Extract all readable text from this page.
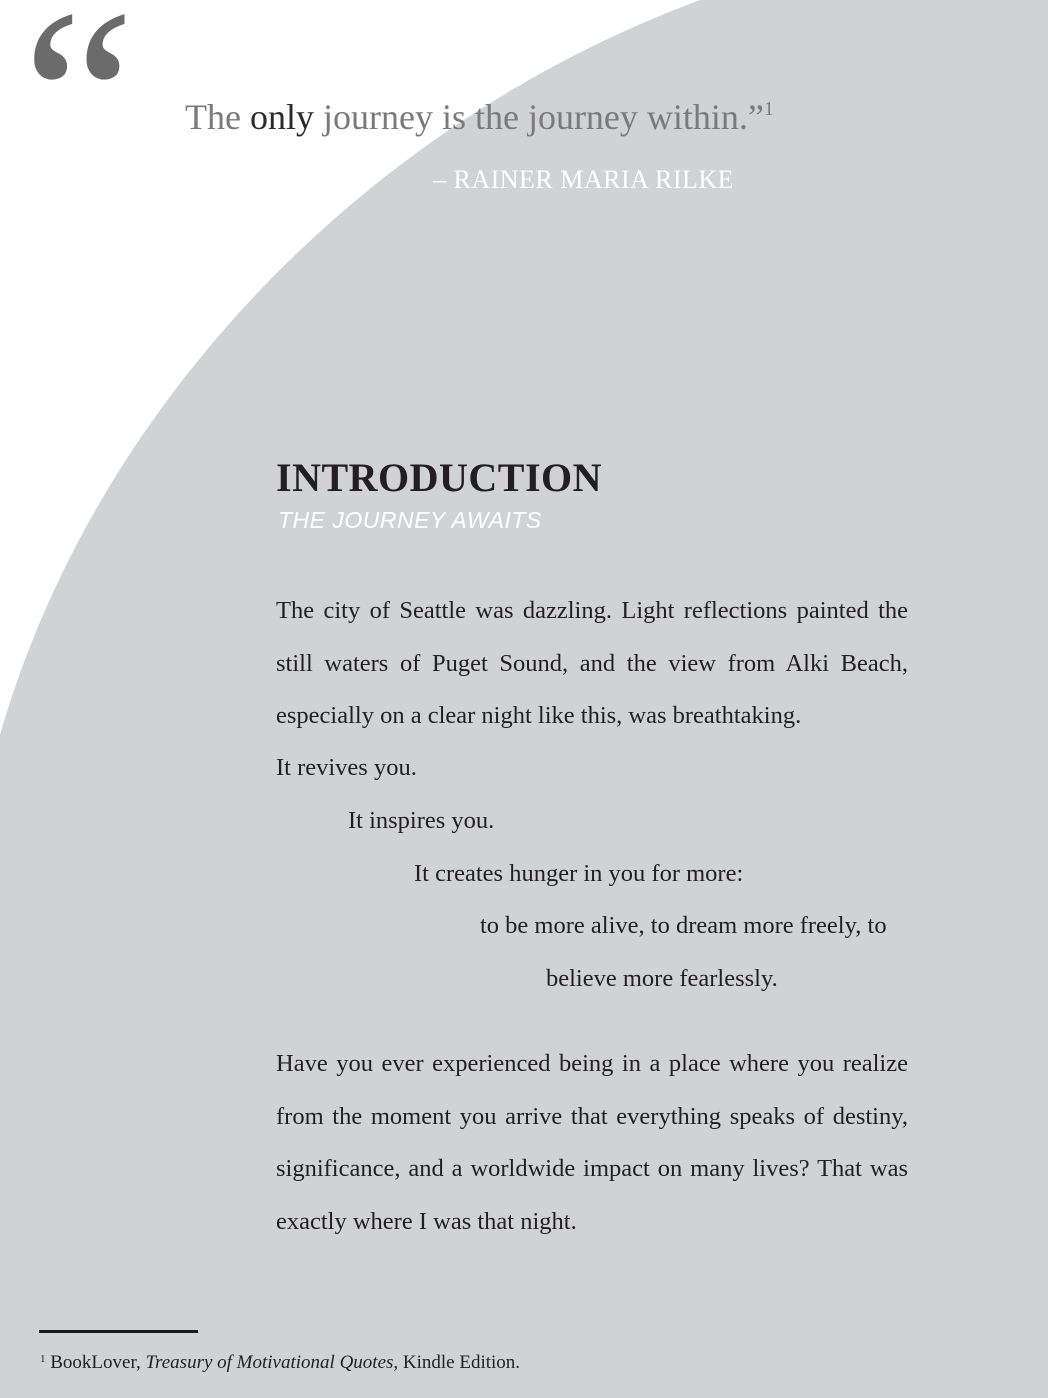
“ The only journey is the journey within.”$^1$
– RAINER MARIA RILKE
INTRODUCTION
THE JOURNEY AWAITS
The city of Seattle was dazzling. Light reflections painted the still waters of Puget Sound, and the view from Alki Beach, especially on a clear night like this, was breathtaking.
It revives you.
It inspires you.
It creates hunger in you for more:
to be more alive, to dream more freely, to
believe more fearlessly.
Have you ever experienced being in a place where you realize from the moment you arrive that everything speaks of destiny, significance, and a worldwide impact on many lives? That was exactly where I was that night.
$^1$ BookLover, Treasury of Motivational Quotes, Kindle Edition.
